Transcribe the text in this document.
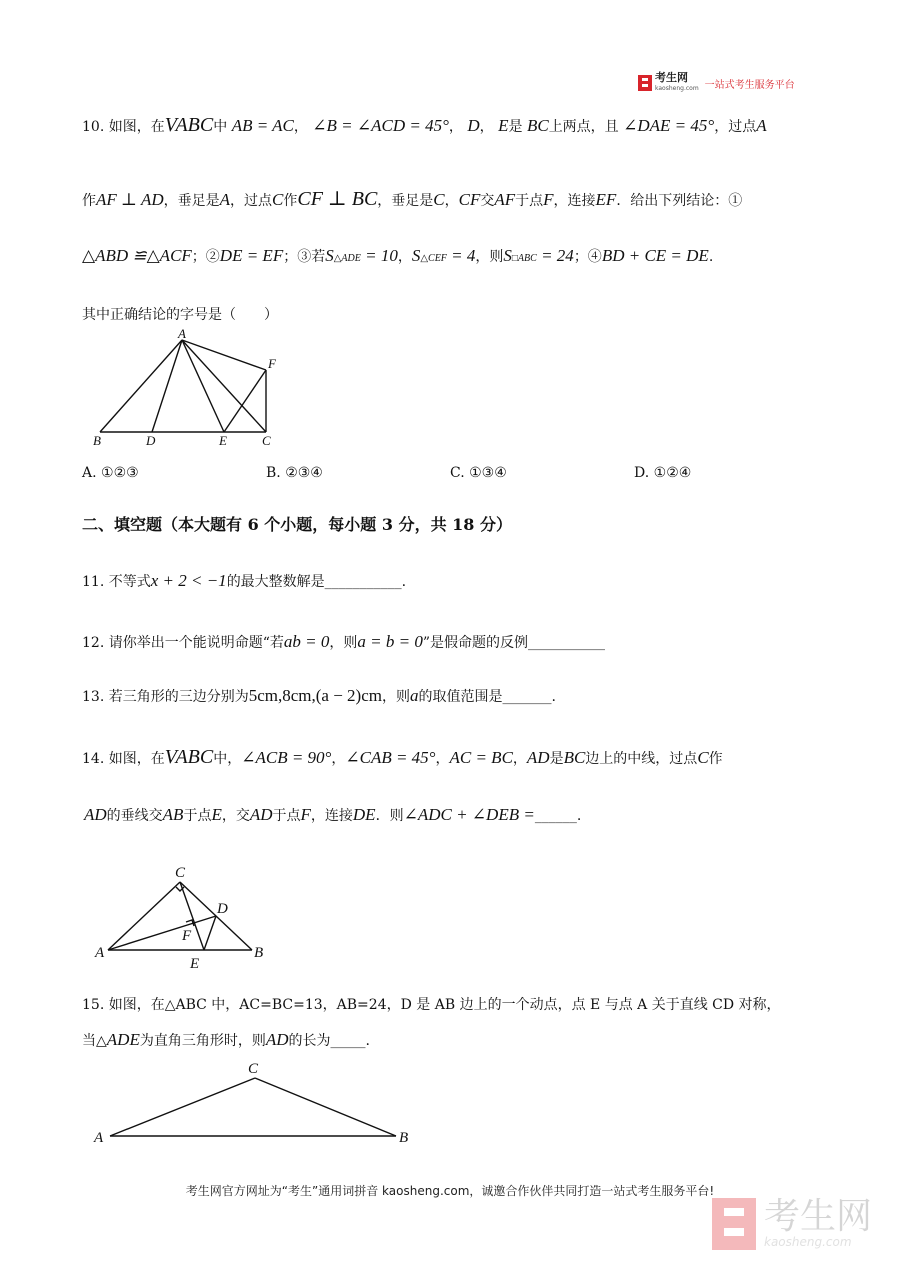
考生网
kaosheng.com 一站式考生服务平台
10. 如图，在VABC中 AB = AC， ∠B = ∠ACD = 45°， D， E是 BC上两点，且 ∠DAE = 45°，过点A
作AF ⊥ AD，垂足是A，过点C作CF ⊥ BC，垂足是C，CF交AF于点F，连接EF．给出下列结论：①
△ABD ≌△ACF；②DE = EF；③若S△ADE = 10，S△CEF = 4，则S□ABC = 24；④BD + CE = DE.
其中正确结论的字号是（　　）
A
B	D	E	C
F
A. ①②③	B. ②③④	C. ①③④	D. ①②④
二、填空题（本大题有 6 个小题，每小题 3 分，共 18 分）
11. 不等式x + 2 < −1的最大整数解是___________.
12. 请你举出一个能说明命题“若ab = 0，则a = b = 0”是假命题的反例___________
13. 若三角形的三边分别为5cm,8cm,(a − 2)cm，则a的取值范围是_______.
14. 如图，在VABC中，∠ACB = 90°，∠CAB = 45°，AC = BC，AD是BC边上的中线，过点C作
AD的垂线交AB于点E，交AD于点F，连接DE．则∠ADC + ∠DEB =______.
C
D
F
A	B
E
15. 如图，在△ABC 中，AC=BC=13，AB=24，D 是 AB 边上的一个动点，点 E 与点 A 关于直线 CD 对称，
当△ADE为直角三角形时，则AD的长为_____.
C
A	B
考生网官方网址为“考生”通用词拼音 kaosheng.com，诚邀合作伙伴共同打造一站式考生服务平台!
考生网
kaosheng.com
